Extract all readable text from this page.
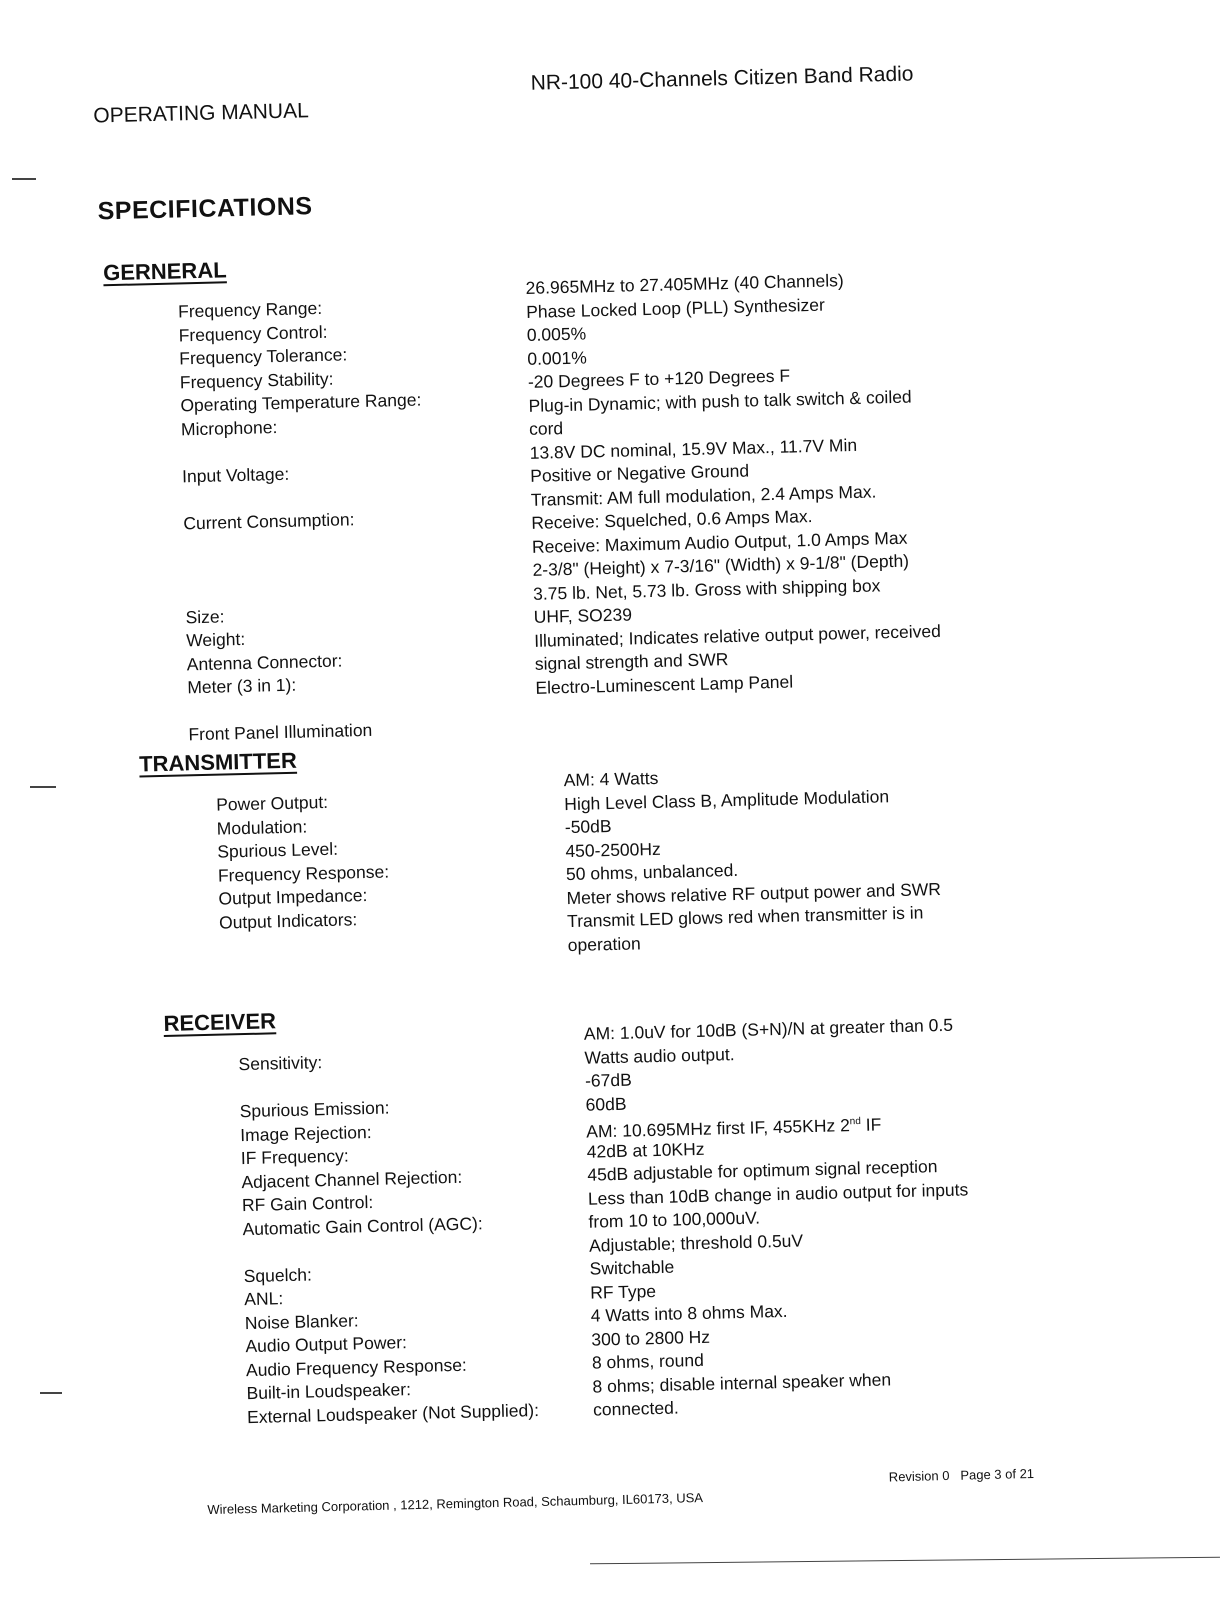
OPERATING MANUAL
NR-100 40-Channels Citizen Band Radio
SPECIFICATIONS
GERNERAL
Frequency Range:
Frequency Control:
Frequency Tolerance:
Frequency Stability:
Operating Temperature Range:
Microphone:
Input Voltage:
Current Consumption:
Size:
Weight:
Antenna Connector:
Meter (3 in 1):
Front Panel Illumination
26.965MHz to 27.405MHz (40 Channels)
Phase Locked Loop (PLL) Synthesizer
0.005%
0.001%
-20 Degrees F to +120 Degrees F
Plug-in Dynamic; with push to talk switch & coiled
cord
13.8V DC nominal, 15.9V Max., 11.7V Min
Positive or Negative Ground
Transmit: AM full modulation, 2.4 Amps Max.
Receive: Squelched, 0.6 Amps Max.
Receive: Maximum Audio Output, 1.0 Amps Max
2-3/8" (Height) x 7-3/16" (Width) x 9-1/8" (Depth)
3.75 lb. Net, 5.73 lb. Gross with shipping box
UHF, SO239
Illuminated; Indicates relative output power, received
signal strength and SWR
Electro-Luminescent Lamp Panel
TRANSMITTER
Power Output:
Modulation:
Spurious Level:
Frequency Response:
Output Impedance:
Output Indicators:
AM: 4 Watts
High Level Class B, Amplitude Modulation
-50dB
450-2500Hz
50 ohms, unbalanced.
Meter shows relative RF output power and SWR
Transmit LED glows red when transmitter is in
operation
RECEIVER
Sensitivity:
Spurious Emission:
Image Rejection:
IF Frequency:
Adjacent Channel Rejection:
RF Gain Control:
Automatic Gain Control (AGC):
Squelch:
ANL:
Noise Blanker:
Audio Output Power:
Audio Frequency Response:
Built-in Loudspeaker:
External Loudspeaker (Not Supplied):
AM: 1.0uV for 10dB (S+N)/N at greater than 0.5
Watts audio output.
-67dB
60dB
AM: 10.695MHz first IF, 455KHz 2nd IF
42dB at 10KHz
45dB adjustable for optimum signal reception
Less than 10dB change in audio output for inputs
from 10 to 100,000uV.
Adjustable; threshold 0.5uV
Switchable
RF Type
4 Watts into 8 ohms Max.
300 to 2800 Hz
8 ohms, round
8 ohms; disable internal speaker when
connected.
Wireless Marketing Corporation , 1212, Remington Road, Schaumburg, IL60173, USA
Revision 0 Page 3 of 21
